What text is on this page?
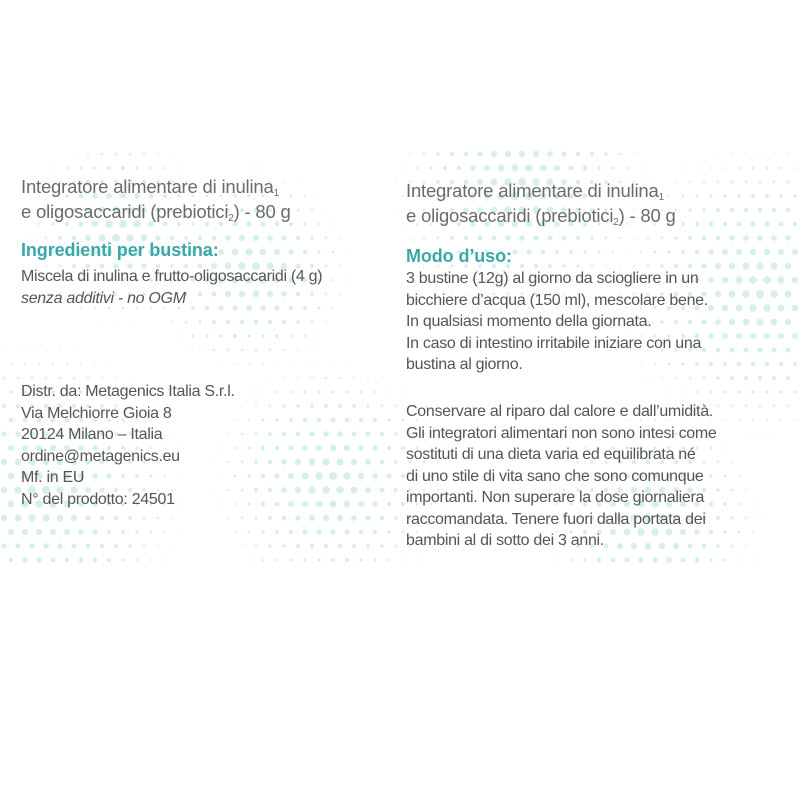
Integratore alimentare di inulina$_1$
e oligosaccaridi (prebiotici$_2$) - 80 g
Ingredienti per bustina:
Miscela di inulina e frutto-oligosaccaridi (4 g)
senza additivi - no OGM
Distr. da: Metagenics Italia S.r.l.
Via Melchiorre Gioia 8
20124 Milano – Italia
ordine@metagenics.eu
Mf. in EU
N° del prodotto: 24501
Integratore alimentare di inulina$_1$
e oligosaccaridi (prebiotici$_2$) - 80 g
Modo d’uso:
3 bustine (12g) al giorno da sciogliere in un
bicchiere d’acqua (150 ml), mescolare bene.
In qualsiasi momento della giornata.
In caso di intestino irritabile iniziare con una
bustina al giorno.
Conservare al riparo dal calore e dall’umidità.
Gli integratori alimentari non sono intesi come
sostituti di una dieta varia ed equilibrata né
di uno stile di vita sano che sono comunque
importanti. Non superare la dose giornaliera
raccomandata. Tenere fuori dalla portata dei
bambini al di sotto dei 3 anni.
